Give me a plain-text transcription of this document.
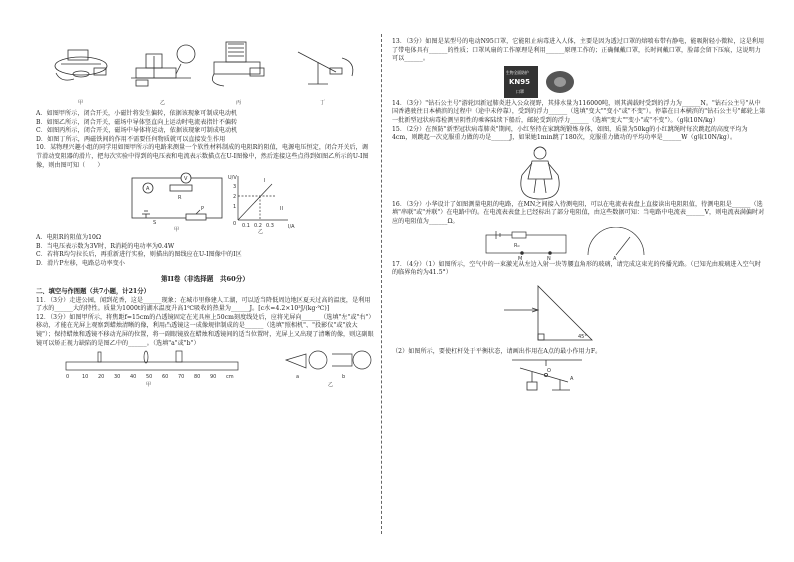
甲	乙	丙	丁

A．如图甲所示，闭合开关，小磁针将发生偏转，依据该现象可制成电动机

B．如图乙所示，闭合开关，磁场中导体竖直向上运动时电流表指针不偏转

C．如图丙所示，闭合开关，磁场中导体将运动，依据该现象可制成电动机

D．如图丁所示，两磁铁间的作用不需要任何物质就可以直接发生作用

10．某物理兴趣小组的同学用如图甲所示的电路来测量一个软性材料制成的电阻R的阻值，电源电压恒定，闭合开关后，调节滑动变阻器的滑片，把每次实验中得到的电压表和电流表示数描点在U-I图像中，然后连接这些点得到如图乙所示的U-I图像，则由图可知（　　）

A
V
R
S
P
甲
U/V
I/A
3
2
1
0 0.1 0.2 0.3
I
II
乙

A．电阻R的阻值为10Ω

B．当电压表示数为3V时，R消耗的电功率为0.4W

C．若将R均匀拉长后，再重新进行实验，则描出的图线应在U-I图像中的I区

D．滑片P左移，电路总功率变小

第II卷（非选择题　共60分）
二、填空与作图题（共7小题，计21分）

11．（3分）走进公园，闻到花香，这是______现象；在城市里修建人工湖，可以适当降低周边地区夏天过高的温度，是利用了水的______大的特性。质量为1000t的湖水温度升高1℃吸收的热量为______J。[c水=4.2×10³J/(kg·℃)]

12．（3分）如图甲所示，将焦距f=15cm的凸透镜固定在光具座上50cm刻度线处后，应将光屏向______（选填"左"或"右"）移动，才能在光屏上观察到蜡烛清晰的像，利用凸透镜这一成像规律制成的是______（选填"照相机"、"投影仪"或"放大镜"）；保持蜡烛和透镜不移动光屏的位置，将一副眼镜放在蜡烛和透镜间的适当位置时，光屏上又出现了清晰的像，则这副眼镜可以矫正视力缺陷的是图乙中的______。（选填"a"或"b"）

0	10 20 30 40 50 60 70 80 90 cm
甲
a	b
乙

13．（3分）如图是某型号的电动N95口罩，它能阻止病毒进入人体，主要是因为透过口罩的熔喷布带有静电，能吸附轻小微粒，这是利用了带电体具有______的性质；口罩风扇的工作原理是利用______原理工作的；正确佩戴口罩，长时间戴口罩，脸部会留下压痕，这说明力可以______。

生物全面防护
KN95
口罩

14．（3分）"钻石公主号"游轮因新冠肺炎进入公众视野，其排水量为116000吨，则其满载时受到的浮力为______N。"钻石公主号"从中国香港驶往日本横滨的过程中（途中未停靠），受到的浮力______（选填"变大""变小"或"不变"）。停靠在日本横滨的"钻石公主号"邮轮上第一批新型冠状病毒检测呈阴性的乘客陆续下船后，邮轮受到的浮力______（选填"变大""变小"或"不变"）。（g取10N/kg）

15．（2分）在预防"新型冠状病毒肺炎"期间，小红坚持在家跳绳锻炼身体，如图，质量为50kg的小红跳绳时每次跳起的高度平均为4cm，则跳起一次克服重力做的功是______J，如果她1min跳了180次，克服重力做功的平均功率是______W（g取10N/kg）。

16．（3分）小华设计了如图测量电阻的电路，在MN之间接入待测电阻，可以在电流表表盘上直接读出电阻阻值，待测电阻是______（选填"串联"或"并联"）在电路中的。在电流表表盘上已经标出了部分电阻值，由这些数据可知：当电路中电流表______V，则电流表满偏时对应的电阻值为______Ω。

R₀
M	N	A

17．（4分）（1）如图所示，空气中的一束激光从左边入射一块等腰直角形的玻璃，请完成这束光的传播光路。（已知光由玻璃进入空气时的临界角约为41.5°）

45°

（2）如图所示，要使杠杆处于平衡状态，请画出作用在A点的最小作用力F。

O
A
